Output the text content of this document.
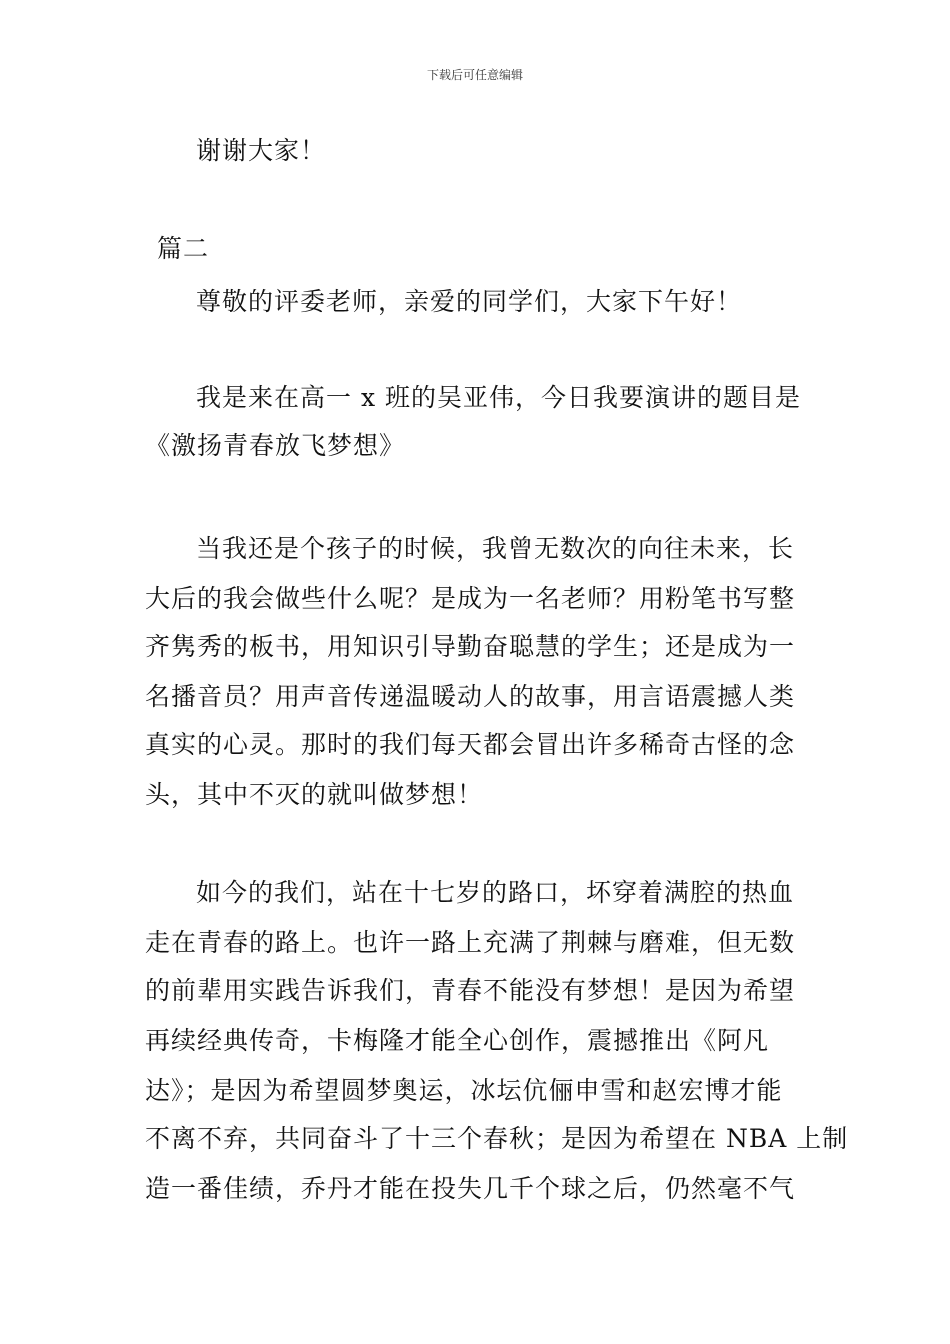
下载后可任意编辑
谢谢大家！
篇二
尊敬的评委老师，亲爱的同学们，大家下午好！
我是来在高一 x 班的吴亚伟，今日我要演讲的题目是
《激扬青春放飞梦想》
当我还是个孩子的时候，我曾无数次的向往未来，长
大后的我会做些什么呢？是成为一名老师？用粉笔书写整
齐隽秀的板书，用知识引导勤奋聪慧的学生；还是成为一
名播音员？用声音传递温暖动人的故事，用言语震撼人类
真实的心灵。那时的我们每天都会冒出许多稀奇古怪的念
头，其中不灭的就叫做梦想！
如今的我们，站在十七岁的路口，坏穿着满腔的热血
走在青春的路上。也许一路上充满了荆棘与磨难，但无数
的前辈用实践告诉我们，青春不能没有梦想！是因为希望
再续经典传奇，卡梅隆才能全心创作，震撼推出《阿凡
达》；是因为希望圆梦奥运，冰坛伉俪申雪和赵宏博才能
不离不弃，共同奋斗了十三个春秋；是因为希望在 NBA 上制
造一番佳绩，乔丹才能在投失几千个球之后，仍然毫不气
